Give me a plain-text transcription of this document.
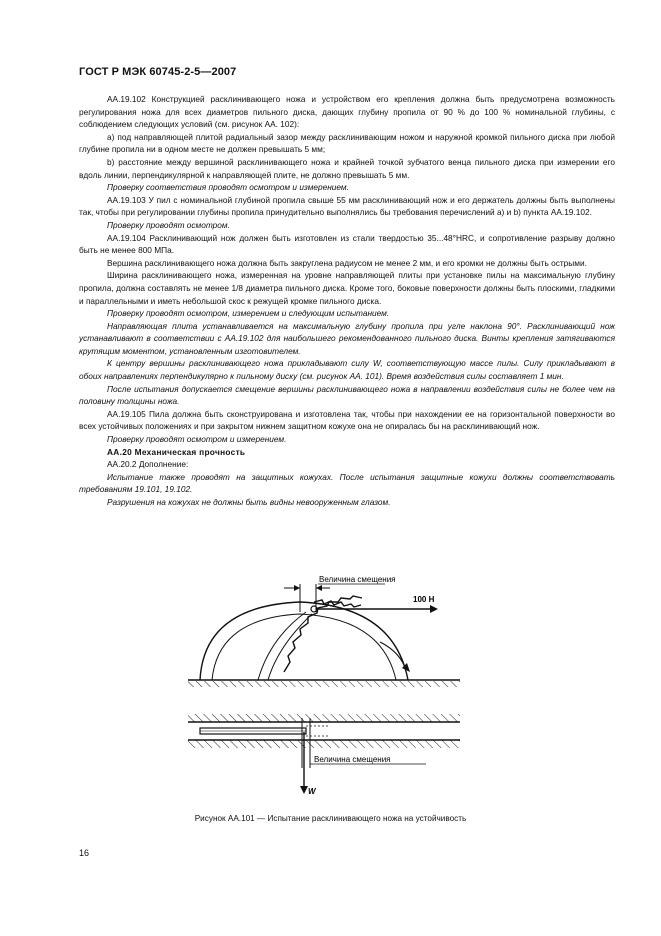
ГОСТ Р МЭК 60745-2-5—2007

AA.19.102 Конструкцией расклинивающего ножа и устройством его крепления должна быть предусмотрена возможность регулирования ножа для всех диаметров пильного диска, дающих глубину пропила от 90 % до 100 % номинальной глубины, с соблюдением следующих условий (см. рисунок АА. 102):

a) под направляющей плитой радиальный зазор между расклинивающим ножом и наружной кромкой пильного диска при любой глубине пропила ни в одном месте не должен превышать 5 мм;

b) расстояние между вершиной расклинивающего ножа и крайней точкой зубчатого венца пильного диска при измерении его вдоль линии, перпендикулярной к направляющей плите, не должно превышать 5 мм.

Проверку соответствия проводят осмотром и измерением.

AA.19.103 У пил с номинальной глубиной пропила свыше 55 мм расклинивающий нож и его держатель должны быть выполнены так, чтобы при регулировании глубины пропила принудительно выполнялись бы требования перечислений а) и b) пункта АА.19.102.

Проверку проводят осмотром.

AA.19.104 Расклинивающий нож должен быть изготовлен из стали твердостью 35...48°HRC, и сопротивление разрыву должно быть не менее 800 МПа.

Вершина расклинивающего ножа должна быть закруглена радиусом не менее 2 мм, и его кромки не должны быть острыми.

Ширина расклинивающего ножа, измеренная на уровне направляющей плиты при установке пилы на максимальную глубину пропила, должна составлять не менее 1/8 диаметра пильного диска. Кроме того, боковые поверхности должны быть плоскими, гладкими и параллельными и иметь небольшой скос к режущей кромке пильного диска.

Проверку проводят осмотром, измерением и следующим испытанием.

Направляющая плита устанавливается на максимальную глубину пропила при угле наклона 90°. Расклинивающий нож устанавливают в соответствии с АА.19.102 для наибольшего рекомендованного пильного диска. Винты крепления затягиваются крутящим моментом, установленным изготовителем.

К центру вершины расклинивающего ножа прикладывают силу W, соответствующую массе пилы. Силу прикладывают в обоих направлениях перпендикулярно к пильному диску (см. рисунок АА. 101). Время воздействия силы составляет 1 мин.

После испытания допускается смещение вершины расклинивающего ножа в направлении воздействия силы не более чем на половину толщины ножа.

AA.19.105 Пила должна быть сконструирована и изготовлена так, чтобы при нахождении ее на горизонтальной поверхности во всех устойчивых положениях и при закрытом нижнем защитном кожухе она не опиралась бы на расклинивающий нож.

Проверку проводят осмотром и измерением.

АА.20 Механическая прочность

АА.20.2 Дополнение:

Испытание также проводят на защитных кожухах. После испытания защитные кожухи должны соответствовать требованиям 19.101, 19.102.

Разрушения на кожухах не должны быть видны невооруженным глазом.

Величина смещения
100 Н
Величина смещения
W
Рисунок АА.101 — Испытание расклинивающего ножа на устойчивость
16
